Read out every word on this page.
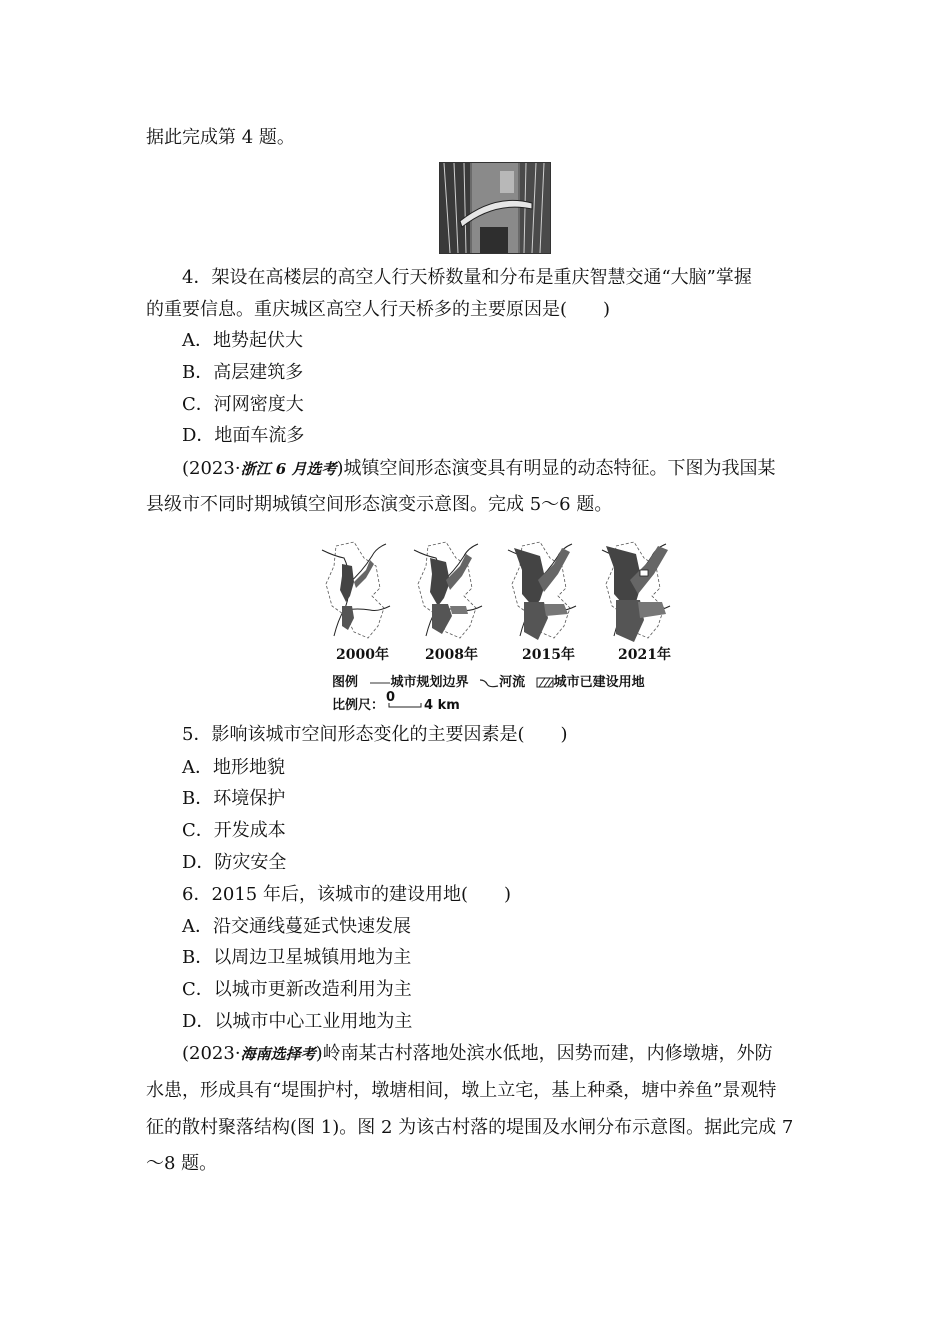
据此完成第 4 题。

4．架设在高楼层的高空人行天桥数量和分布是重庆智慧交通“大脑”掌握

的重要信息。重庆城区高空人行天桥多的主要原因是(　　)

A．地势起伏大

B．高层建筑多

C．河网密度大

D．地面车流多

(2023·浙江 6 月选考)城镇空间形态演变具有明显的动态特征。下图为我国某

县级市不同时期城镇空间形态演变示意图。完成 5～6 题。

2000年	2008年	2015年	2021年
图例	城市规划边界 河流 城市已建设用地
比例尺：
0
4 km

5．影响该城市空间形态变化的主要因素是(　　)

A．地形地貌

B．环境保护

C．开发成本

D．防灾安全

6．2015 年后，该城市的建设用地(　　)

A．沿交通线蔓延式快速发展

B．以周边卫星城镇用地为主

C．以城市更新改造利用为主

D．以城市中心工业用地为主

(2023·海南选择考)岭南某古村落地处滨水低地，因势而建，内修墩塘，外防

水患，形成具有“堤围护村，墩塘相间，墩上立宅，基上种桑，塘中养鱼”景观特

征的散村聚落结构(图 1)。图 2 为该古村落的堤围及水闸分布示意图。据此完成 7

～8 题。
